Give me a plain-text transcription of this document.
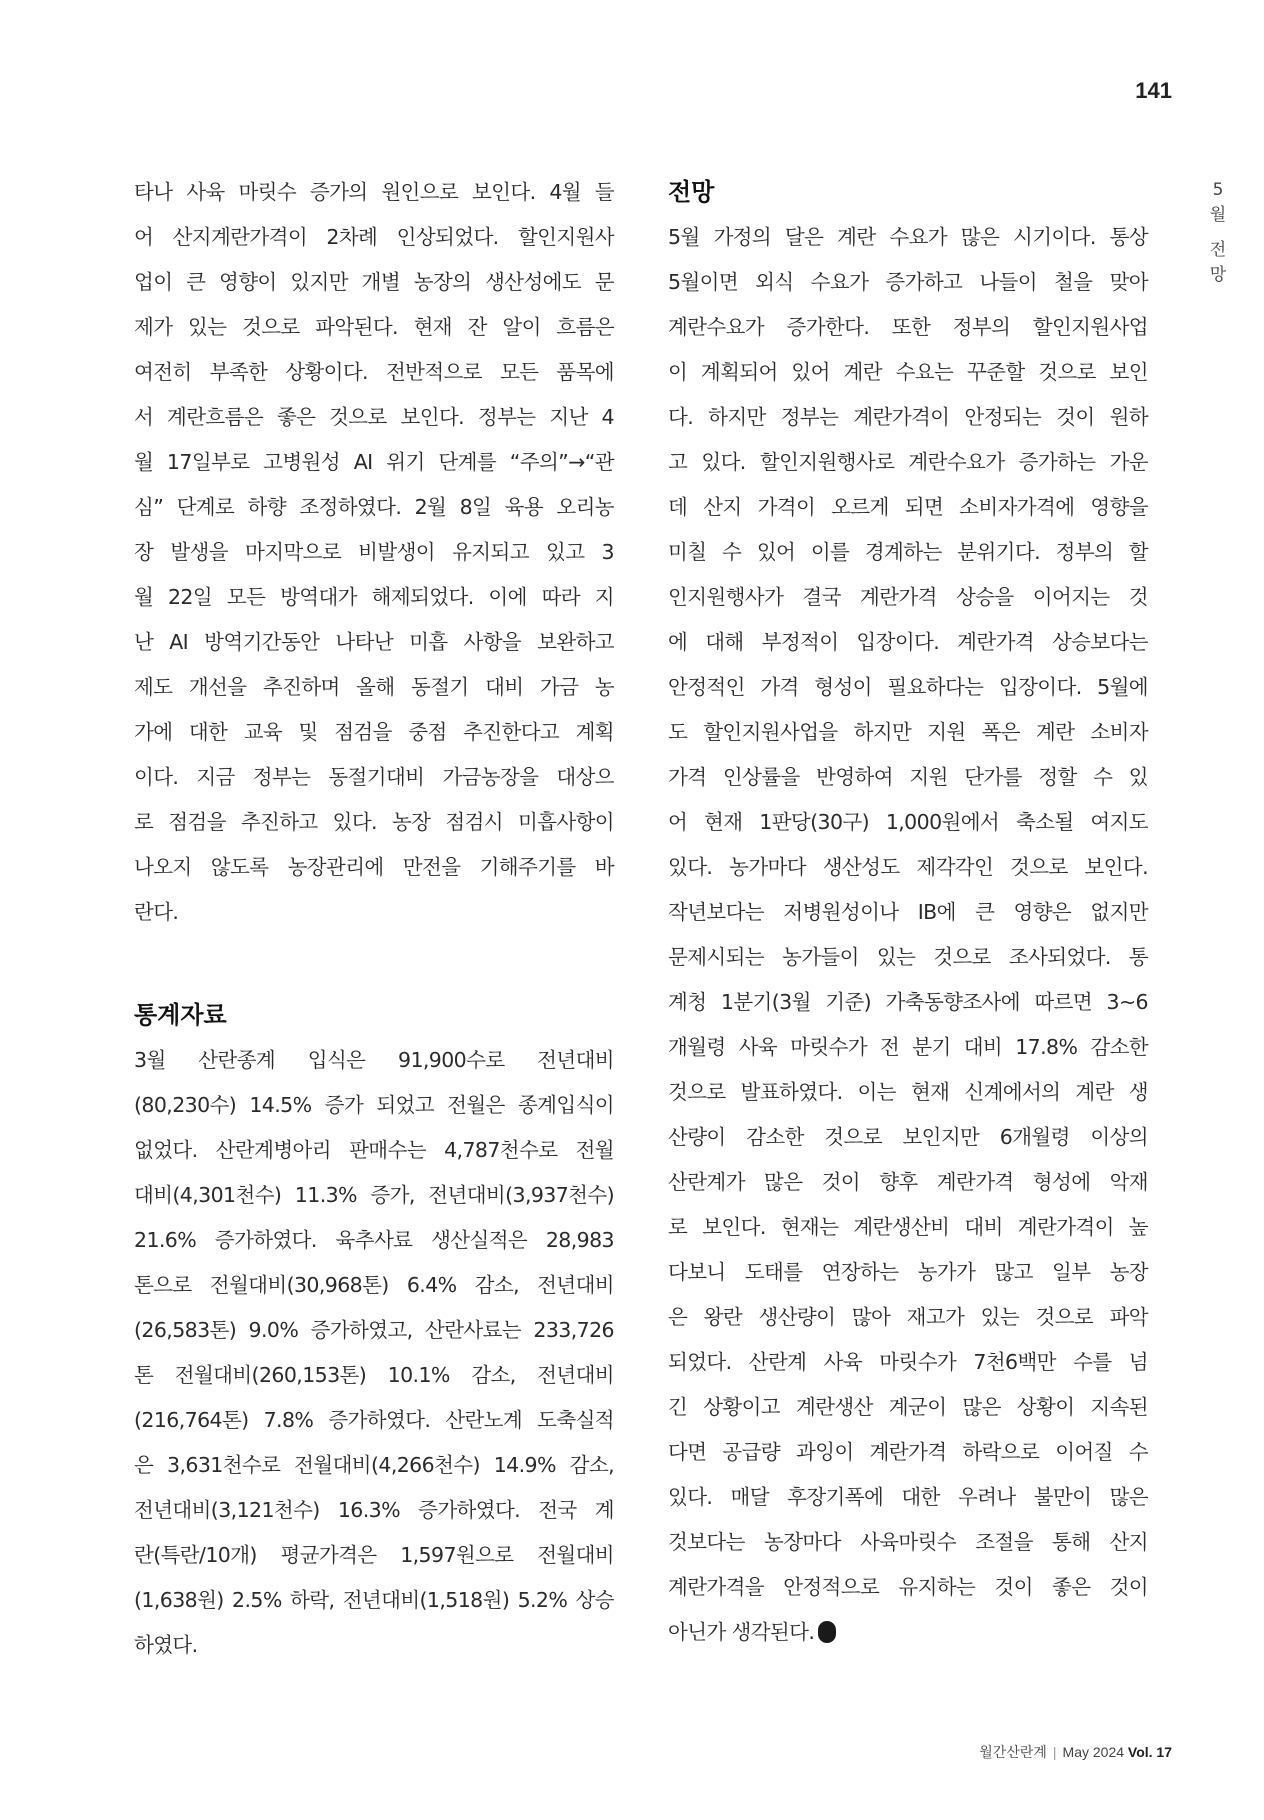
141
5
월
전
망

타나 사육 마릿수 증가의 원인으로 보인다. 4월 들

어 산지계란가격이 2차례 인상되었다. 할인지원사

업이 큰 영향이 있지만 개별 농장의 생산성에도 문

제가 있는 것으로 파악된다. 현재 잔 알이 흐름은

여전히 부족한 상황이다. 전반적으로 모든 품목에

서 계란흐름은 좋은 것으로 보인다. 정부는 지난 4

월 17일부로 고병원성 AI 위기 단계를 “주의”→“관

심” 단계로 하향 조정하였다. 2월 8일 육용 오리농

장 발생을 마지막으로 비발생이 유지되고 있고 3

월 22일 모든 방역대가 해제되었다. 이에 따라 지

난 AI 방역기간동안 나타난 미흡 사항을 보완하고

제도 개선을 추진하며 올해 동절기 대비 가금 농

가에 대한 교육 및 점검을 중점 추진한다고 계획

이다. 지금 정부는 동절기대비 가금농장을 대상으

로 점검을 추진하고 있다. 농장 점검시 미흡사항이

나오지 않도록 농장관리에 만전을 기해주기를 바

란다.

통계자료

3월 산란종계 입식은 91,900수로 전년대비

(80,230수) 14.5% 증가 되었고 전월은 종계입식이

없었다. 산란계병아리 판매수는 4,787천수로 전월

대비(4,301천수) 11.3% 증가, 전년대비(3,937천수)

21.6% 증가하였다. 육추사료 생산실적은 28,983

톤으로 전월대비(30,968톤) 6.4% 감소, 전년대비

(26,583톤) 9.0% 증가하였고, 산란사료는 233,726

톤 전월대비(260,153톤) 10.1% 감소, 전년대비

(216,764톤) 7.8% 증가하였다. 산란노계 도축실적

은 3,631천수로 전월대비(4,266천수) 14.9% 감소,

전년대비(3,121천수) 16.3% 증가하였다. 전국 계

란(특란/10개) 평균가격은 1,597원으로 전월대비

(1,638원) 2.5% 하락, 전년대비(1,518원) 5.2% 상승

하였다.

전망

5월 가정의 달은 계란 수요가 많은 시기이다. 통상

5월이면 외식 수요가 증가하고 나들이 철을 맞아

계란수요가 증가한다. 또한 정부의 할인지원사업

이 계획되어 있어 계란 수요는 꾸준할 것으로 보인

다. 하지만 정부는 계란가격이 안정되는 것이 원하

고 있다. 할인지원행사로 계란수요가 증가하는 가운

데 산지 가격이 오르게 되면 소비자가격에 영향을

미칠 수 있어 이를 경계하는 분위기다. 정부의 할

인지원행사가 결국 계란가격 상승을 이어지는 것

에 대해 부정적이 입장이다. 계란가격 상승보다는

안정적인 가격 형성이 필요하다는 입장이다. 5월에

도 할인지원사업을 하지만 지원 폭은 계란 소비자

가격 인상률을 반영하여 지원 단가를 정할 수 있

어 현재 1판당(30구) 1,000원에서 축소될 여지도

있다. 농가마다 생산성도 제각각인 것으로 보인다.

작년보다는 저병원성이나 IB에 큰 영향은 없지만

문제시되는 농가들이 있는 것으로 조사되었다. 통

계청 1분기(3월 기준) 가축동향조사에 따르면 3~6

개월령 사육 마릿수가 전 분기 대비 17.8% 감소한

것으로 발표하였다. 이는 현재 신계에서의 계란 생

산량이 감소한 것으로 보인지만 6개월령 이상의

산란계가 많은 것이 향후 계란가격 형성에 악재

로 보인다. 현재는 계란생산비 대비 계란가격이 높

다보니 도태를 연장하는 농가가 많고 일부 농장

은 왕란 생산량이 많아 재고가 있는 것으로 파악

되었다. 산란계 사육 마릿수가 7천6백만 수를 넘

긴 상황이고 계란생산 계군이 많은 상황이 지속된

다면 공급량 과잉이 계란가격 하락으로 이어질 수

있다. 매달 후장기폭에 대한 우려나 불만이 많은

것보다는 농장마다 사육마릿수 조절을 통해 산지

계란가격을 안정적으로 유지하는 것이 좋은 것이

아닌가 생각된다.

월간산란계 | May 2024 Vol. 17
